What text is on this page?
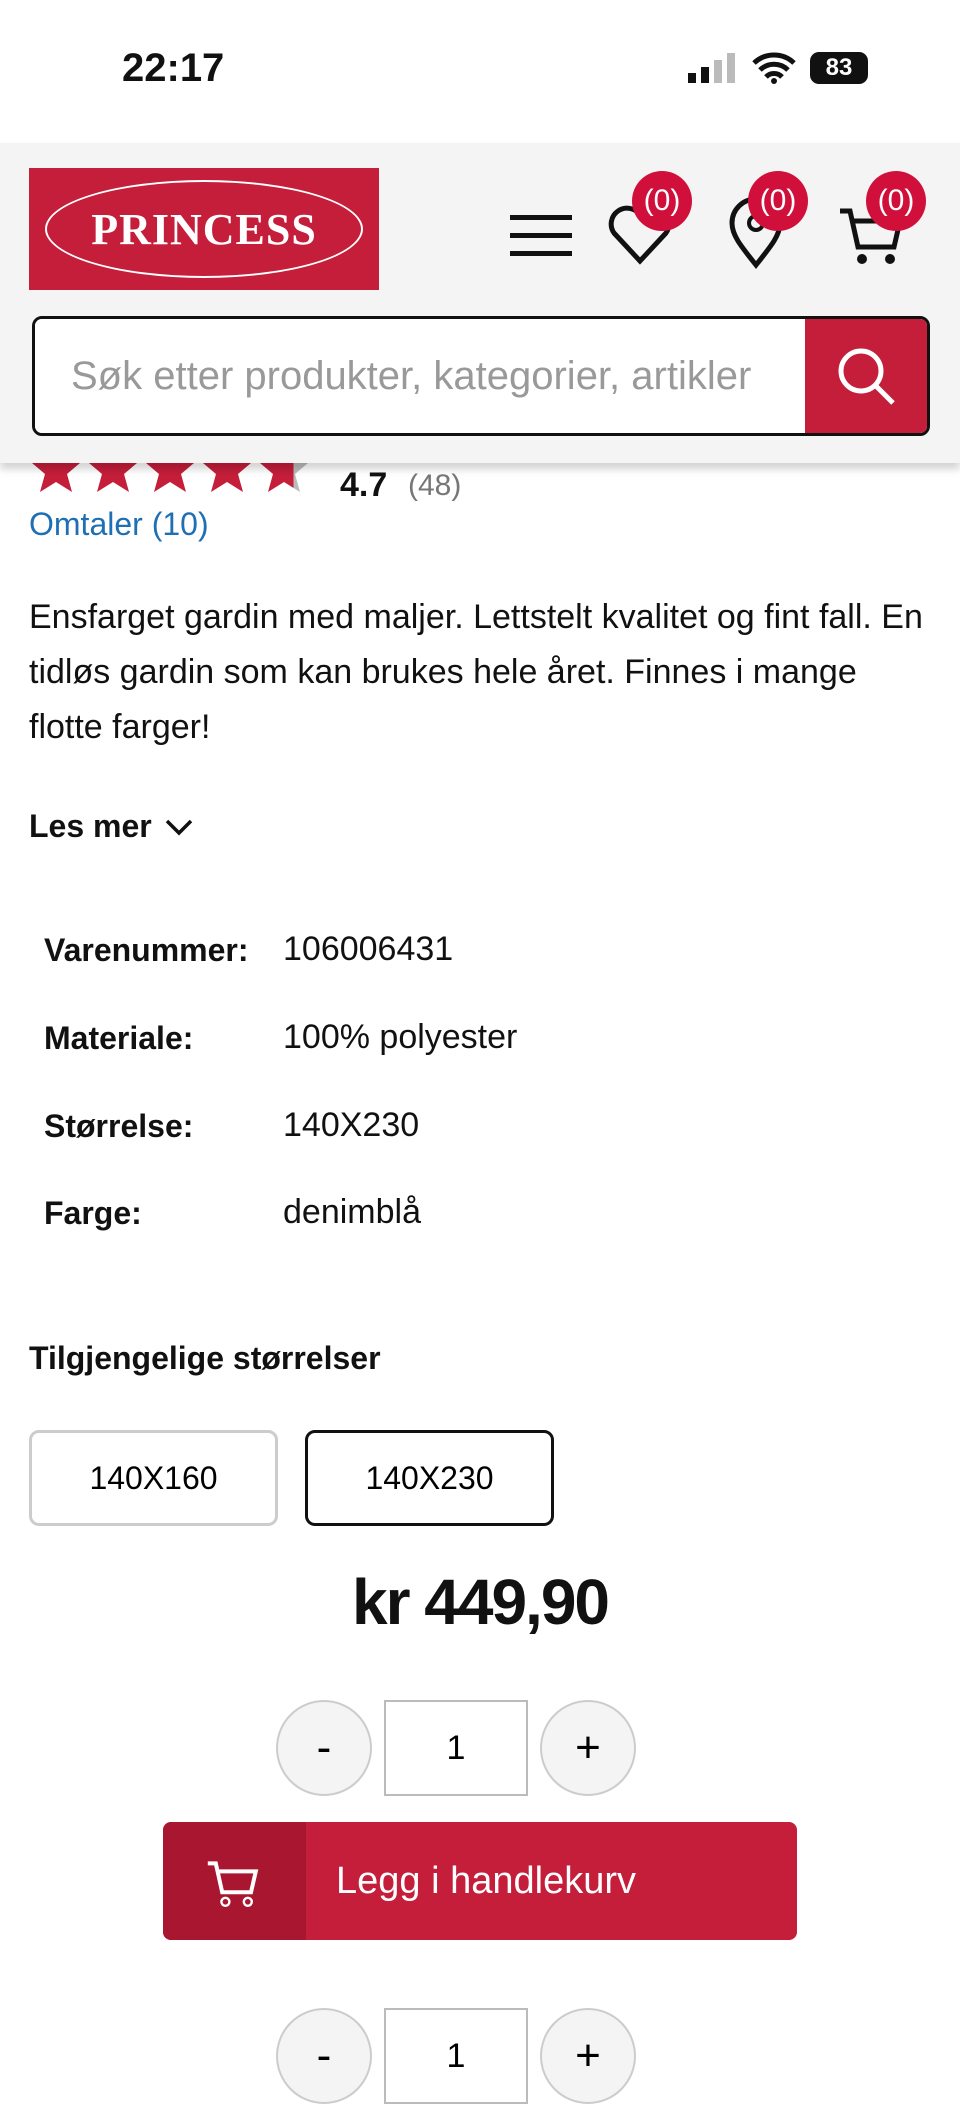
22:17	83
PRINCESS
(0)	(0)	(0)
Søk etter produkter, kategorier, artikler
4.7 (48)
Omtaler (10)

Ensfarget gardin med maljer. Lettstelt kvalitet og fint fall. En tidløs gardin som kan brukes hele året. Finnes i mange flotte farger!

Les mer
Varenummer: 106006431
Materiale:	100% polyester
Størrelse:	140X230
Farge:	denimblå
Tilgjengelige størrelser
140X160	140X230
kr 449,90
-
1	+
Legg i handlekurv
-
1	+
